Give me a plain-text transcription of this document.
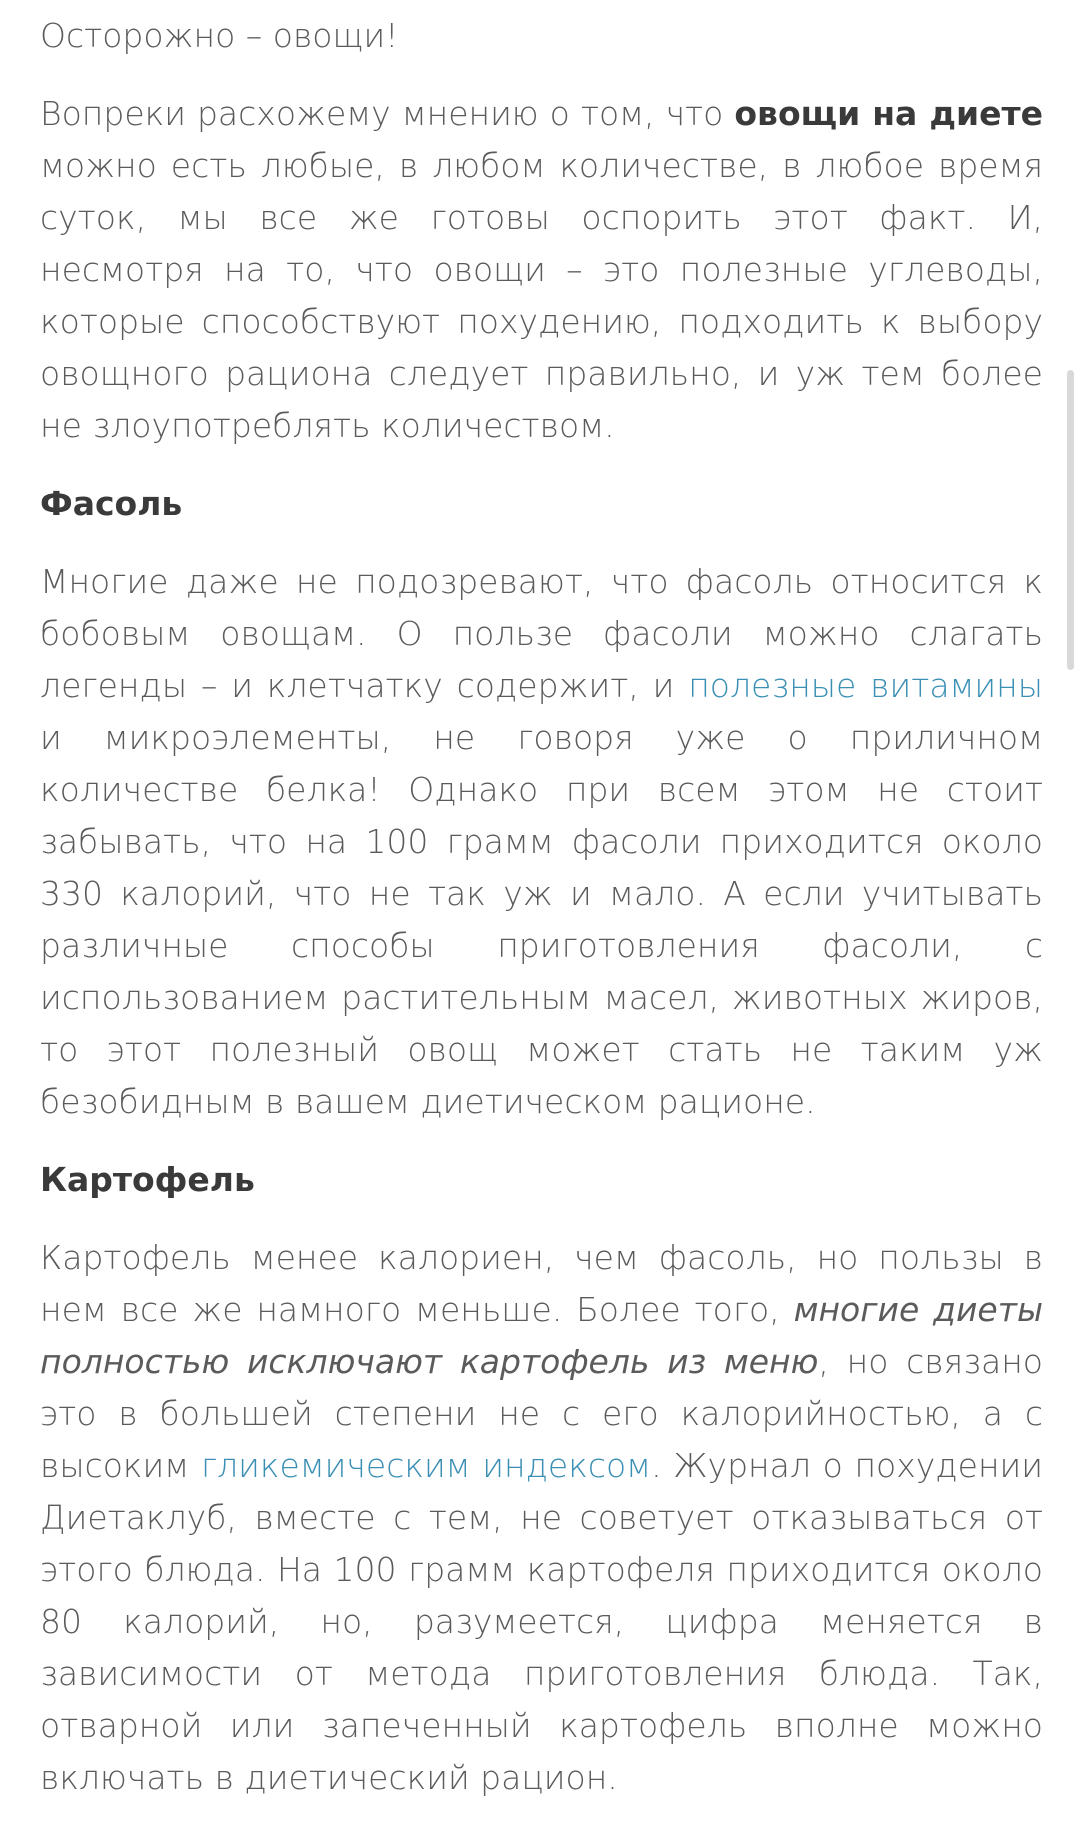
Осторожно – овощи!

Вопреки расхожему мнению о том, что овощи на диете можно есть любые, в любом количестве, в любое время суток, мы все же готовы оспорить этот факт. И, несмотря на то, что овощи – это полезные углеводы, которые способствуют похудению, подходить к выбору овощного рациона следует правильно, и уж тем более не злоупотреблять количеством.

Фасоль

Многие даже не подозревают, что фасоль относится к бобовым овощам. О пользе фасоли можно слагать легенды – и клетчатку содержит, и полезные витамины и микроэлементы, не говоря уже о приличном количестве белка! Однако при всем этом не стоит забывать, что на 100 грамм фасоли приходится около 330 калорий, что не так уж и мало. А если учитывать различные способы приготовления фасоли, с использованием растительным масел, животных жиров, то этот полезный овощ может стать не таким уж безобидным в вашем диетическом рационе.

Картофель

Картофель менее калориен, чем фасоль, но пользы в нем все же намного меньше. Более того, многие диеты полностью исключают картофель из меню, но связано это в большей степени не с его калорийностью, а с высоким гликемическим индексом. Журнал о похудении Диетаклуб, вместе с тем, не советует отказываться от этого блюда. На 100 грамм картофеля приходится около 80 калорий, но, разумеется, цифра меняется в зависимости от метода приготовления блюда. Так, отварной или запеченный картофель вполне можно включать в диетический рацион.
